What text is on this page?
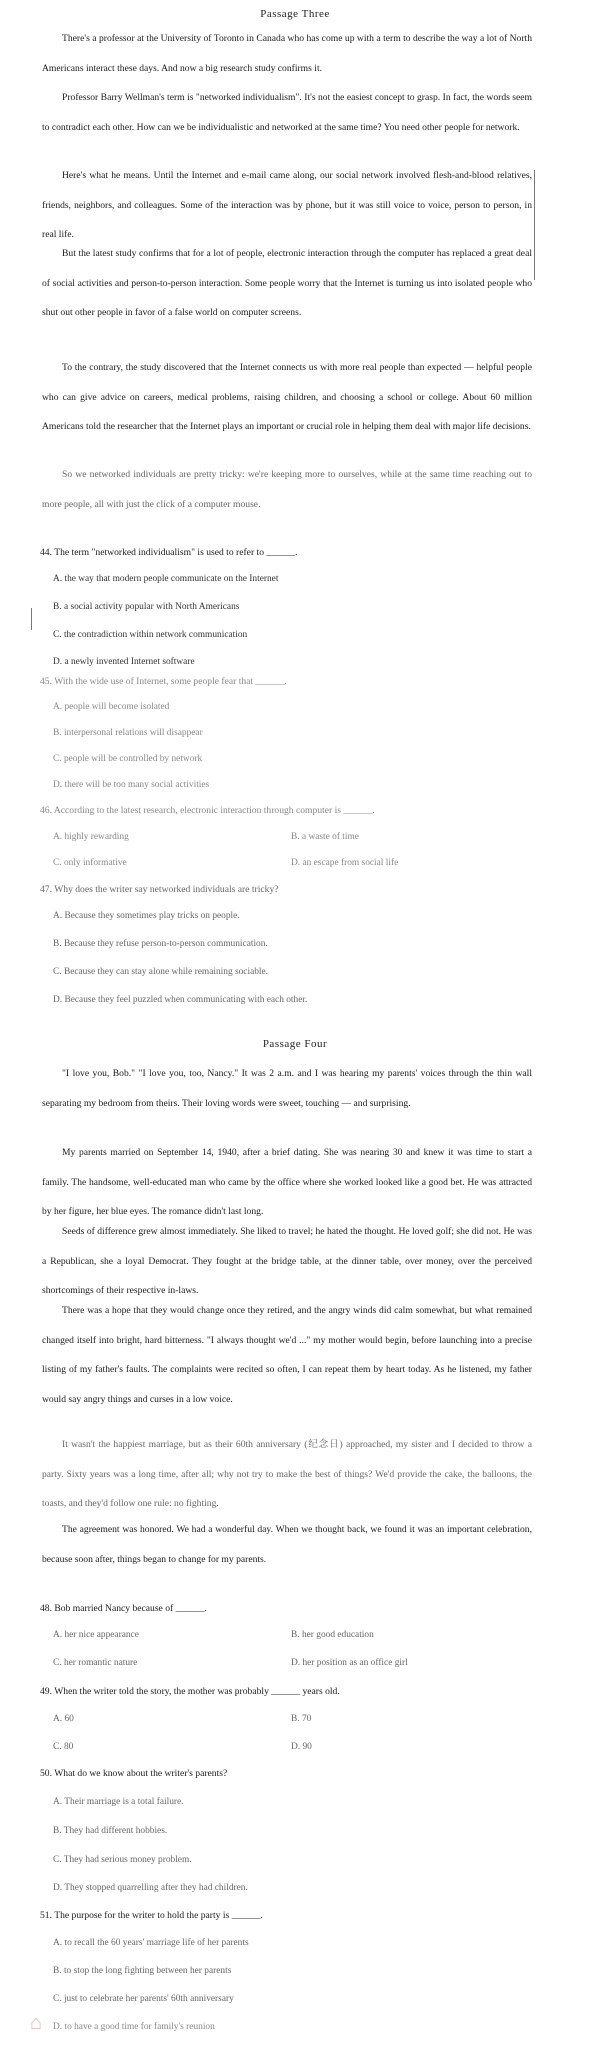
Passage Three
There's a professor at the University of Toronto in Canada who has come up with a term to describe the way a lot of North Americans interact these days. And now a big research study confirms it.
Professor Barry Wellman's term is "networked individualism". It's not the easiest concept to grasp. In fact, the words seem to contradict each other. How can we be individualistic and networked at the same time? You need other people for network.
Here's what he means. Until the Internet and e-mail came along, our social network involved flesh-and-blood relatives, friends, neighbors, and colleagues. Some of the interaction was by phone, but it was still voice to voice, person to person, in real life.
But the latest study confirms that for a lot of people, electronic interaction through the computer has replaced a great deal of social activities and person-to-person interaction. Some people worry that the Internet is turning us into isolated people who shut out other people in favor of a false world on computer screens.
To the contrary, the study discovered that the Internet connects us with more real people than expected — helpful people who can give advice on careers, medical problems, raising children, and choosing a school or college. About 60 million Americans told the researcher that the Internet plays an important or crucial role in helping them deal with major life decisions.
So we networked individuals are pretty tricky: we're keeping more to ourselves, while at the same time reaching out to more people, all with just the click of a computer mouse.
44. The term "networked individualism" is used to refer to ______.
A. the way that modern people communicate on the Internet
B. a social activity popular with North Americans
C. the contradiction within network communication
D. a newly invented Internet software
45. With the wide use of Internet, some people fear that ______.
A. people will become isolated
B. interpersonal relations will disappear
C. people will be controlled by network
D. there will be too many social activities
46. According to the latest research, electronic interaction through computer is ______.
A. highly rewarding	B. a waste of time
C. only informative	D. an escape from social life
47. Why does the writer say networked individuals are tricky?
A. Because they sometimes play tricks on people.
B. Because they refuse person-to-person communication.
C. Because they can stay alone while remaining sociable.
D. Because they feel puzzled when communicating with each other.
Passage Four
"I love you, Bob." "I love you, too, Nancy." It was 2 a.m. and I was hearing my parents' voices through the thin wall separating my bedroom from theirs. Their loving words were sweet, touching — and surprising.
My parents married on September 14, 1940, after a brief dating. She was nearing 30 and knew it was time to start a family. The handsome, well-educated man who came by the office where she worked looked like a good bet. He was attracted by her figure, her blue eyes. The romance didn't last long.
Seeds of difference grew almost immediately. She liked to travel; he hated the thought. He loved golf; she did not. He was a Republican, she a loyal Democrat. They fought at the bridge table, at the dinner table, over money, over the perceived shortcomings of their respective in-laws.
There was a hope that they would change once they retired, and the angry winds did calm somewhat, but what remained changed itself into bright, hard bitterness. "I always thought we'd ..." my mother would begin, before launching into a precise listing of my father's faults. The complaints were recited so often, I can repeat them by heart today. As he listened, my father would say angry things and curses in a low voice.
It wasn't the happiest marriage, but as their 60th anniversary (纪念日) approached, my sister and I decided to throw a party. Sixty years was a long time, after all; why not try to make the best of things? We'd provide the cake, the balloons, the toasts, and they'd follow one rule: no fighting.
The agreement was honored. We had a wonderful day. When we thought back, we found it was an important celebration, because soon after, things began to change for my parents.
48. Bob married Nancy because of ______.
A. her nice appearance	B. her good education
C. her romantic nature	D. her position as an office girl
49. When the writer told the story, the mother was probably ______ years old.
A. 60	B. 70
C. 80	D. 90
50. What do we know about the writer's parents?
A. Their marriage is a total failure.
B. They had different hobbies.
C. They had serious money problem.
D. They stopped quarrelling after they had children.
51. The purpose for the writer to hold the party is ______.
A. to recall the 60 years' marriage life of her parents
B. to stop the long fighting between her parents
C. just to celebrate her parents' 60th anniversary
D. to have a good time for family's reunion
⌂
